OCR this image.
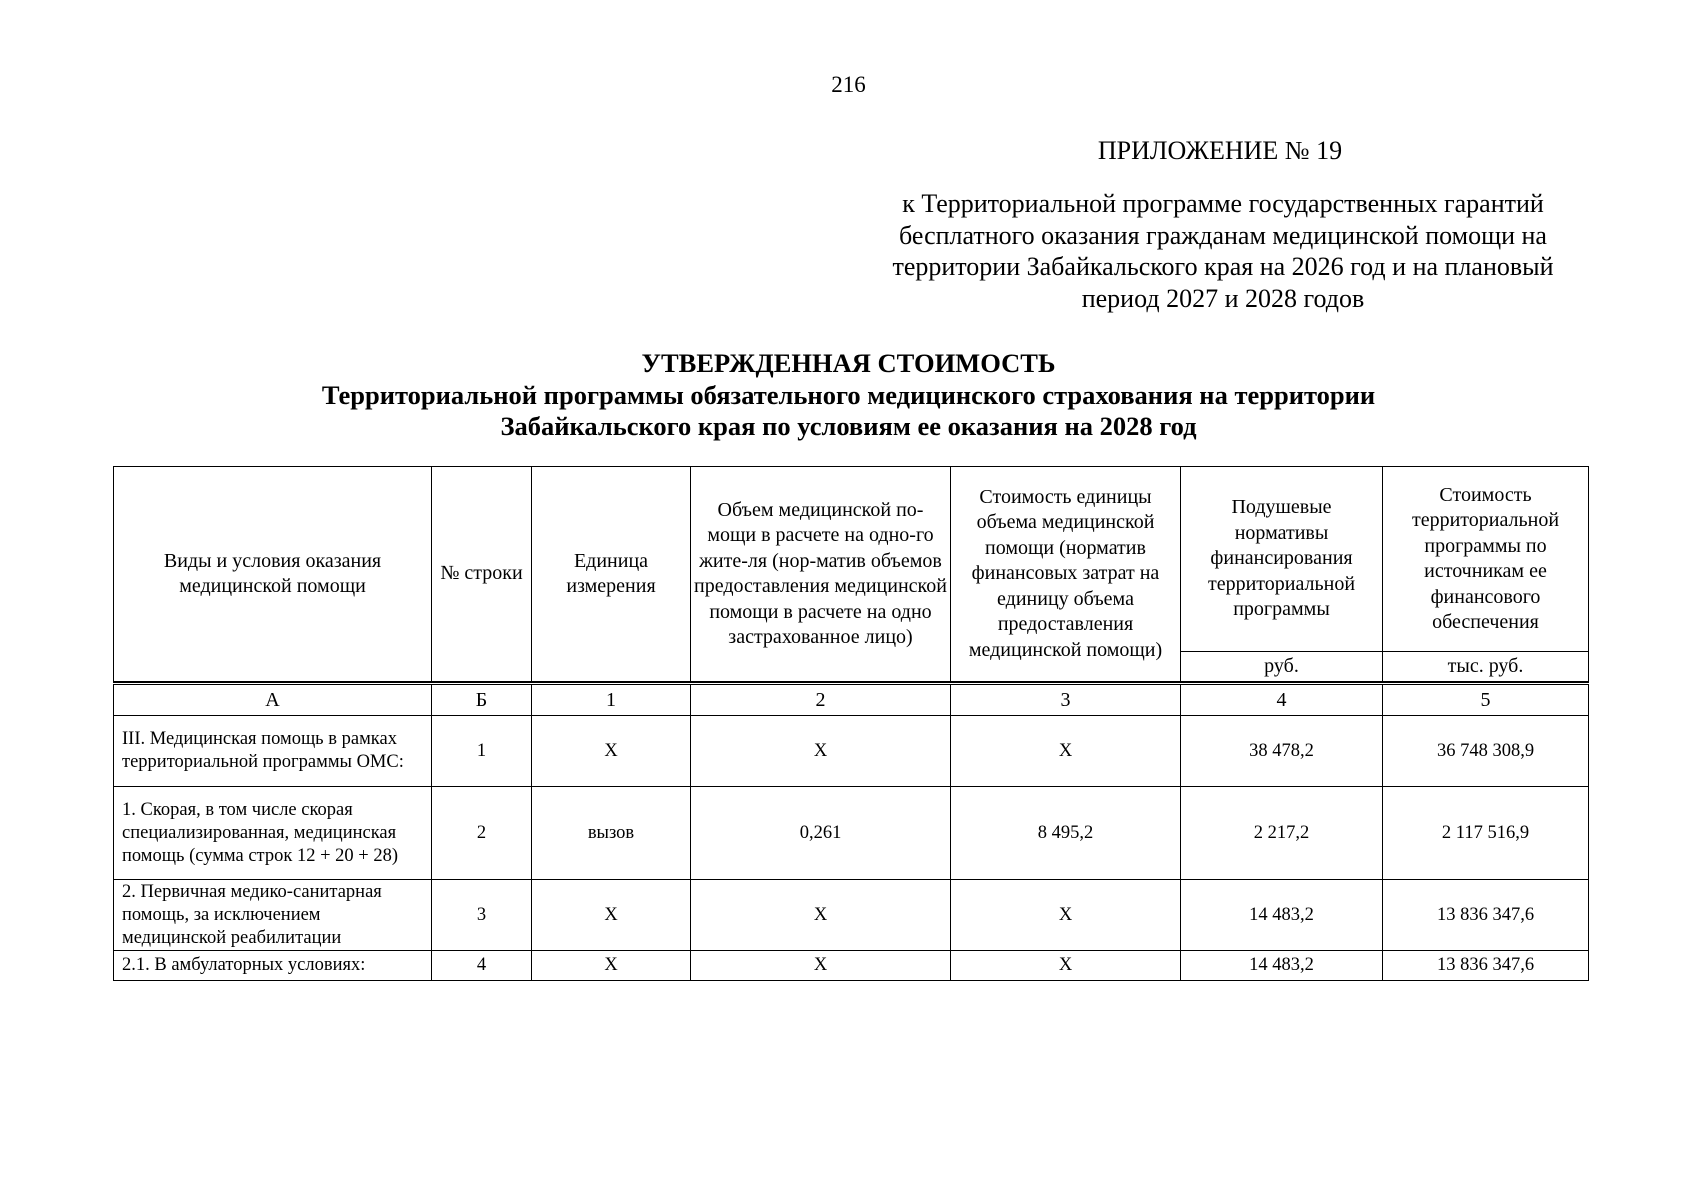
216
ПРИЛОЖЕНИЕ № 19
к Территориальной программе государственных гарантий бесплатного оказания гражданам медицинской помощи на территории Забайкальского края на 2026 год и на плановый период 2027 и 2028 годов
УТВЕРЖДЕННАЯ СТОИМОСТЬ
Территориальной программы обязательного медицинского страхования на территории
Забайкальского края по условиям ее оказания на 2028 год
Виды и условия оказания медицинской помощи	№ строки	Единица измерения	Объем медицинской по-мощи в расчете на одно-го жите-ля (нор-матив объемов предоставления медицинской помощи в расчете на одно застрахованное лицо)	Стоимость единицы объема медицинской помощи (норматив финансовых затрат на единицу объема предоставления медицинской помощи)	Подушевые нормативы финансирования территориальной программы	Стоимость территориальной программы по источникам ее финансового обеспечения
					руб.	тыс. руб.

А	Б	1	2	3	4	5
III. Медицинская помощь в рамках территориальной программы ОМС:	1	Х	Х	Х	38 478,2	36 748 308,9
1. Скорая, в том числе скорая специализированная, медицинская помощь (сумма строк 12 + 20 + 28)	2	вызов	0,261	8 495,2	2 217,2	2 117 516,9
2. Первичная медико-санитарная помощь, за исключением медицинской реабилитации	3	Х	Х	Х	14 483,2	13 836 347,6
2.1. В амбулаторных условиях:	4	Х	Х	Х	14 483,2	13 836 347,6
